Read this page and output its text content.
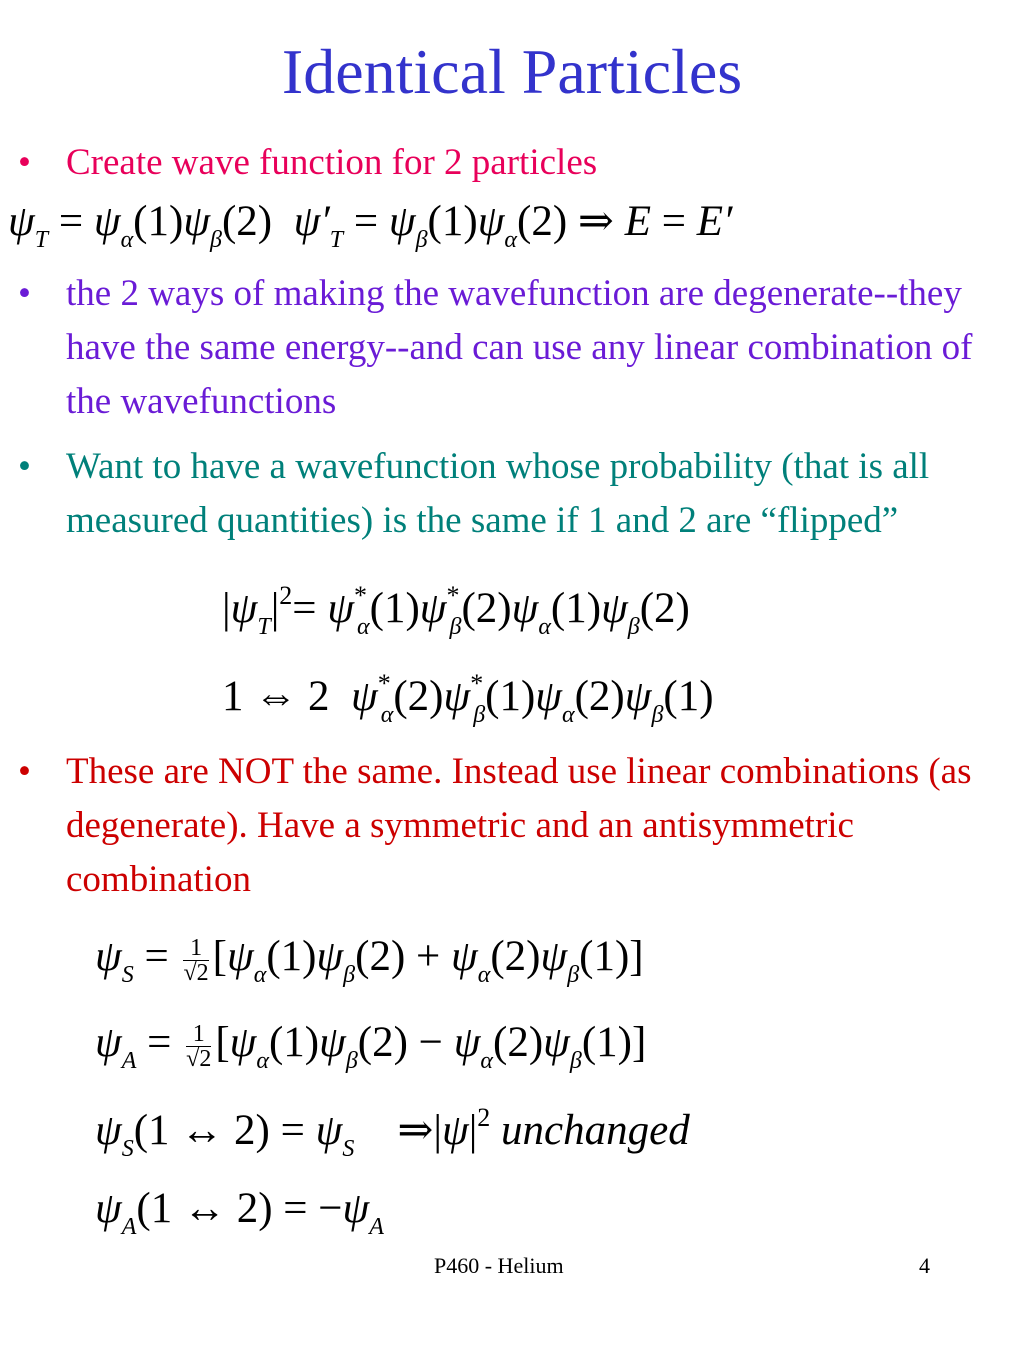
Identical Particles
• Create wave function for 2 particles
$\psi_T = \psi_\alpha(1)\psi_\beta(2) \psi'_T = \psi_\beta(1)\psi_\alpha(2)$ ⇒ E = E′
• the 2 ways of making the wavefunction are degenerate--they have the same energy--and can use any linear combination of the wavefunctions
• Want to have a wavefunction whose probability (that is all measured quantities) is the same if 1 and 2 are “flipped”
$|\psi_T|^2= \psi^*_\alpha(1)\psi^*_\beta(2)\psi_\alpha(1)\psi_\beta(2)$
1 ⇔ 2  $\psi^*_\alpha(2)\psi^*_\beta(1)\psi_\alpha(2)\psi_\beta(1)$
• These are NOT the same. Instead use linear combinations (as degenerate). Have a symmetric and an antisymmetric combination
$\psi_S = \frac{1}{√2} [\psi_\alpha(1)\psi_\beta(2) + \psi_\alpha(2)\psi_\beta(1)]$
$\psi_A = \frac{1}{√2} [\psi_\alpha(1)\psi_\beta(2) - \psi_\alpha(2)\psi_\beta(1)]$
$\psi_S(1$ ↔ $2) = \psi_S$    $\Rightarrow|\psi|^2$ unchanged
$\psi_A(1$ ↔ $2) = -\psi_A$
P460 - Helium	4
